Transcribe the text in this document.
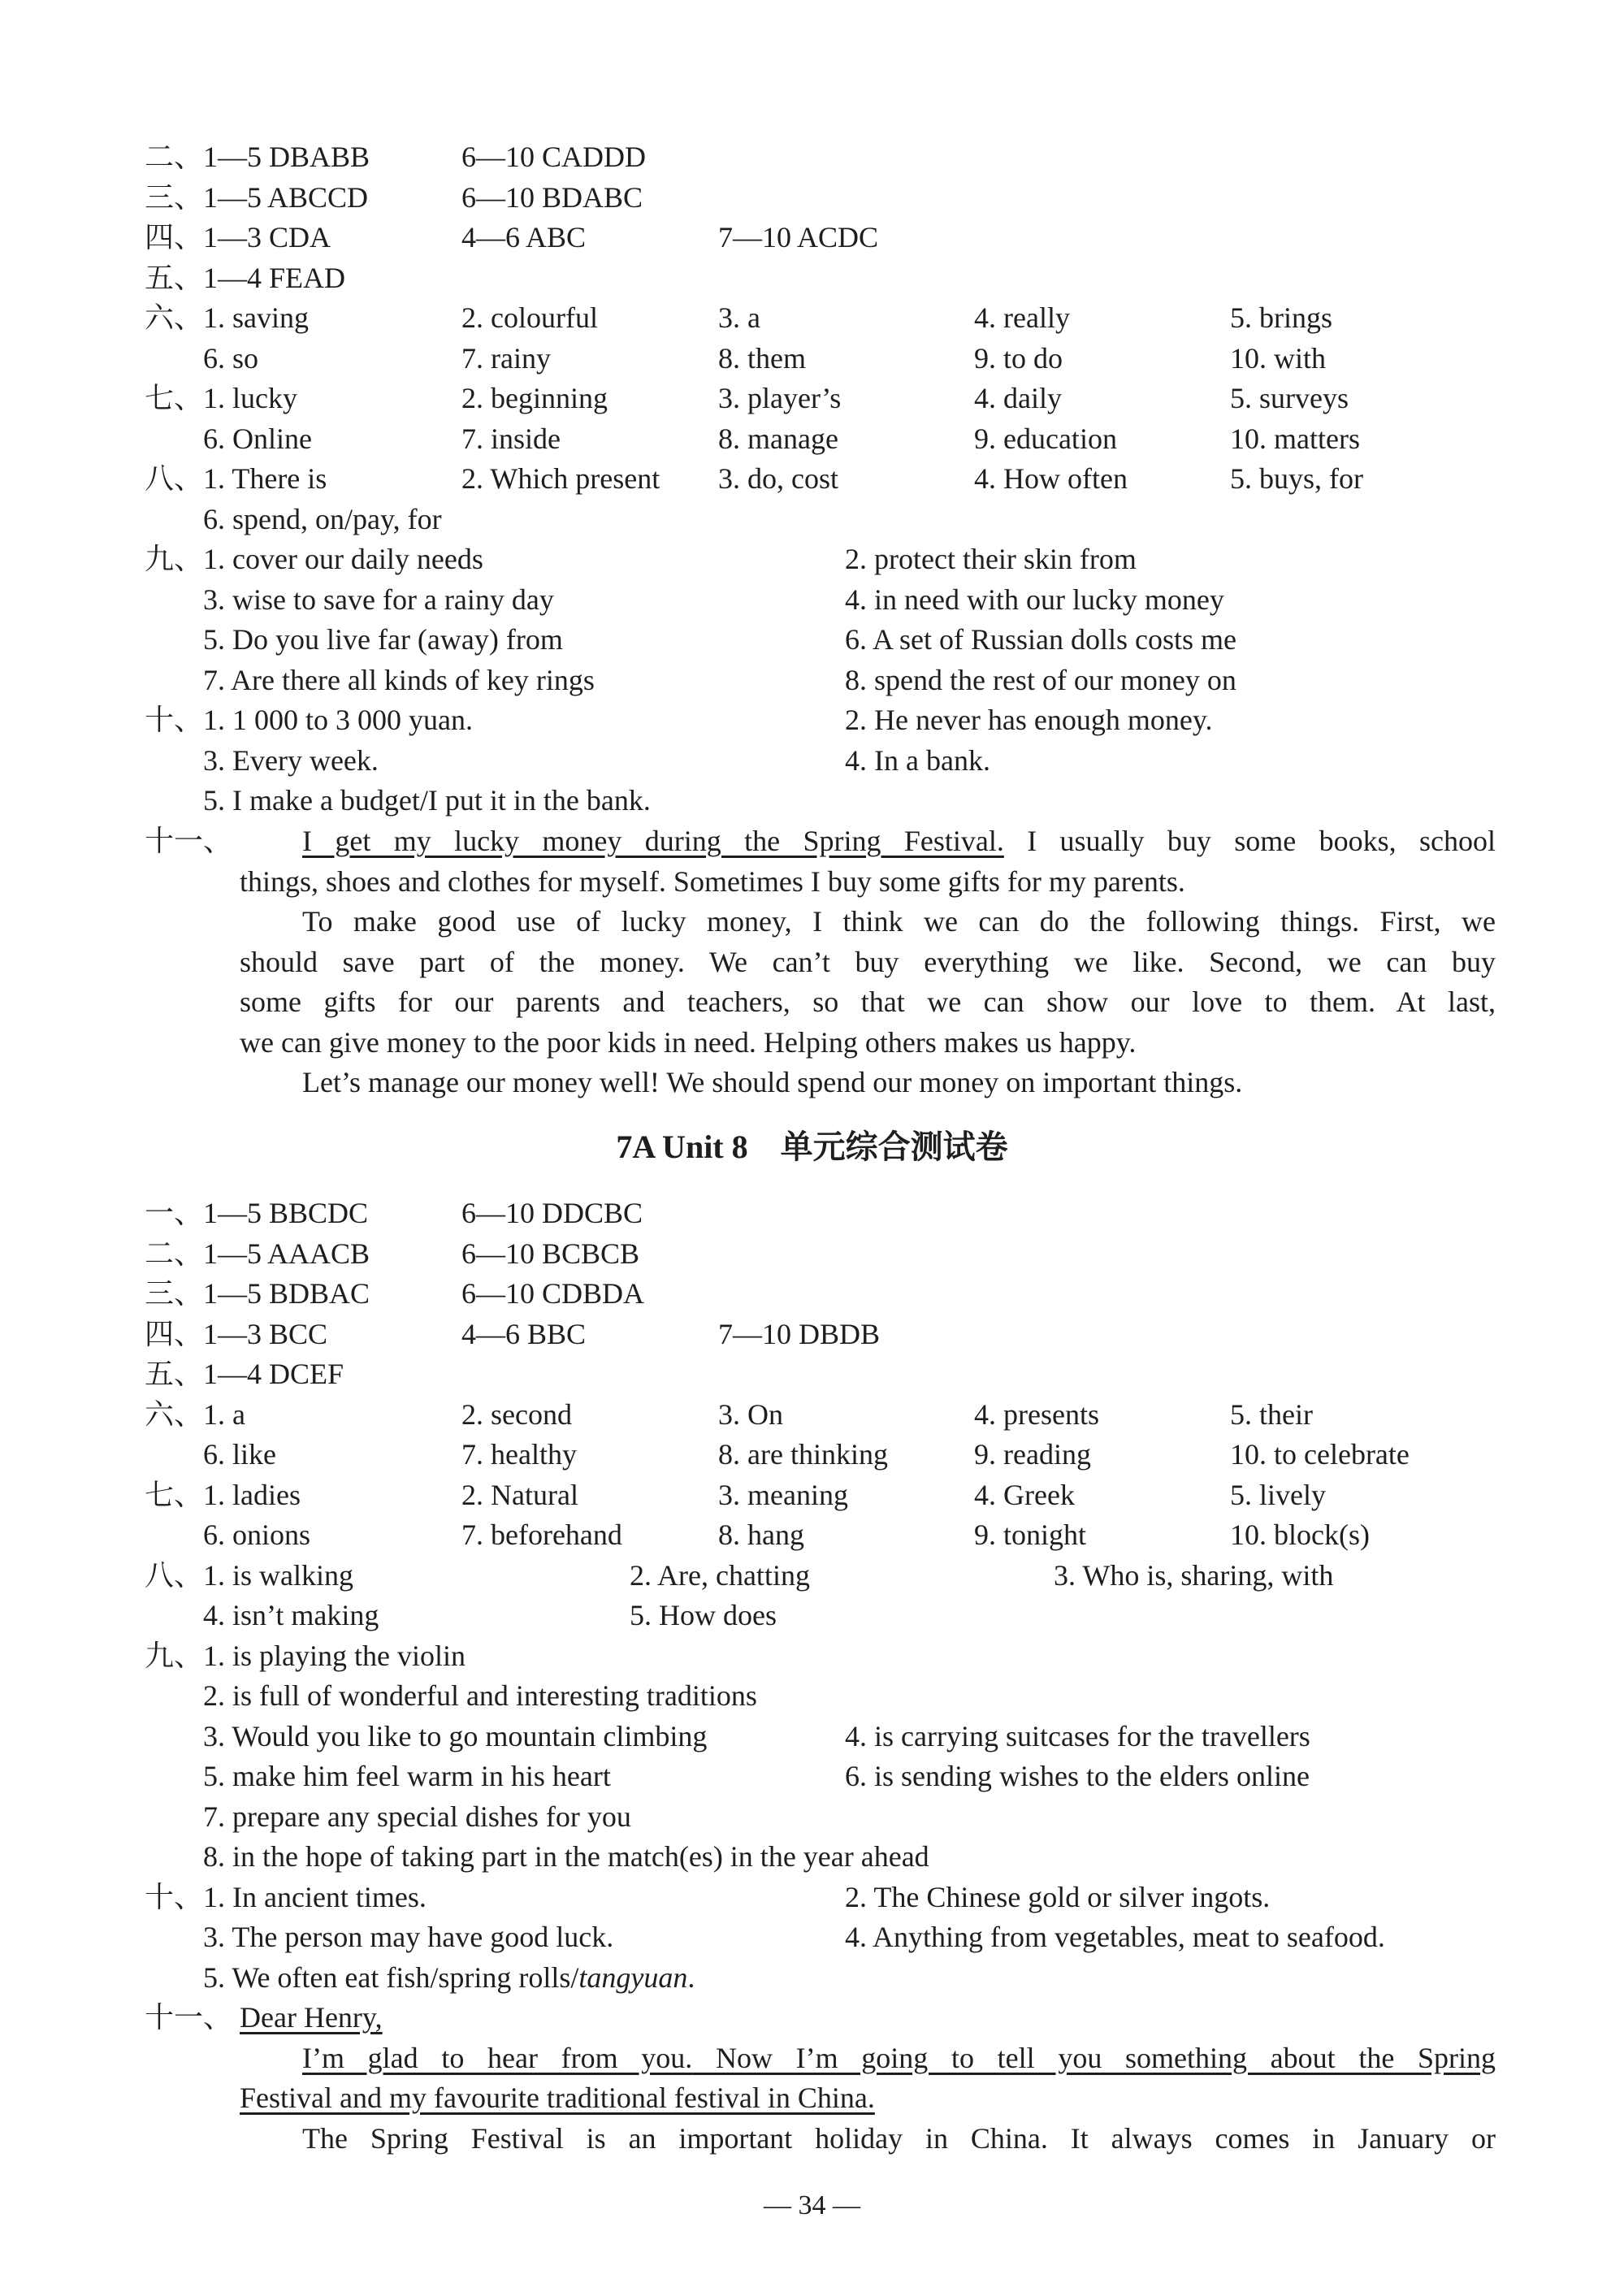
二、 1—5 DBABB	6—10 CADDD
三、 1—5 ABCCD	6—10 BDABC
四、 1—3 CDA	4—6 ABC	7—10 ACDC
五、 1—4 FEAD
六、 1. saving	2. colourful	3. a	4. really	5. brings
6. so	7. rainy	8. them	9. to do	10. with
七、 1. lucky	2. beginning	3. player’s	4. daily	5. surveys
6. Online	7. inside	8. manage	9. education	10. matters
八、 1. There is	2. Which present 3. do, cost	4. How often	5. buys, for
6. spend, on/pay, for
九、 1. cover our daily needs	2. protect their skin from
3. wise to save for a rainy day	4. in need with our lucky money
5. Do you live far (away) from	6. A set of Russian dolls costs me
7. Are there all kinds of key rings	8. spend the rest of our money on
十、 1. 1 000 to 3 000 yuan.	2. He never has enough money.
3. Every week.	4. In a bank.
5. I make a budget/I put it in the bank.
十一、 I get my lucky money during the Spring Festival. I usually buy some books, school
things, shoes and clothes for myself. Sometimes I buy some gifts for my parents.
To make good use of lucky money, I think we can do the following things. First, we
should save part of the money. We can’t buy everything we like. Second, we can buy
some gifts for our parents and teachers, so that we can show our love to them. At last,
we can give money to the poor kids in need. Helping others makes us happy.
Let’s manage our money well! We should spend our money on important things.
7A Unit 8　单元综合测试卷
一、 1—5 BBCDC	6—10 DDCBC
二、 1—5 AAACB	6—10 BCBCB
三、 1—5 BDBAC	6—10 CDBDA
四、 1—3 BCC	4—6 BBC	7—10 DBDB
五、 1—4 DCEF
六、 1. a	2. second	3. On	4. presents	5. their
6. like	7. healthy	8. are thinking	9. reading	10. to celebrate
七、 1. ladies	2. Natural	3. meaning	4. Greek	5. lively
6. onions	7. beforehand	8. hang	9. tonight	10. block(s)
八、 1. is walking	2. Are, chatting	3. Who is, sharing, with
4. isn’t making	5. How does
九、 1. is playing the violin
2. is full of wonderful and interesting traditions
3. Would you like to go mountain climbing	4. is carrying suitcases for the travellers
5. make him feel warm in his heart	6. is sending wishes to the elders online
7. prepare any special dishes for you
8. in the hope of taking part in the match(es) in the year ahead
十、 1. In ancient times.	2. The Chinese gold or silver ingots.
3. The person may have good luck.	4. Anything from vegetables, meat to seafood.
5. We often eat fish/spring rolls/tangyuan.
十一、 Dear Henry,
I’m glad to hear from you. Now I’m going to tell you something about the Spring
Festival and my favourite traditional festival in China.
The Spring Festival is an important holiday in China. It always comes in January or
— 34 —
